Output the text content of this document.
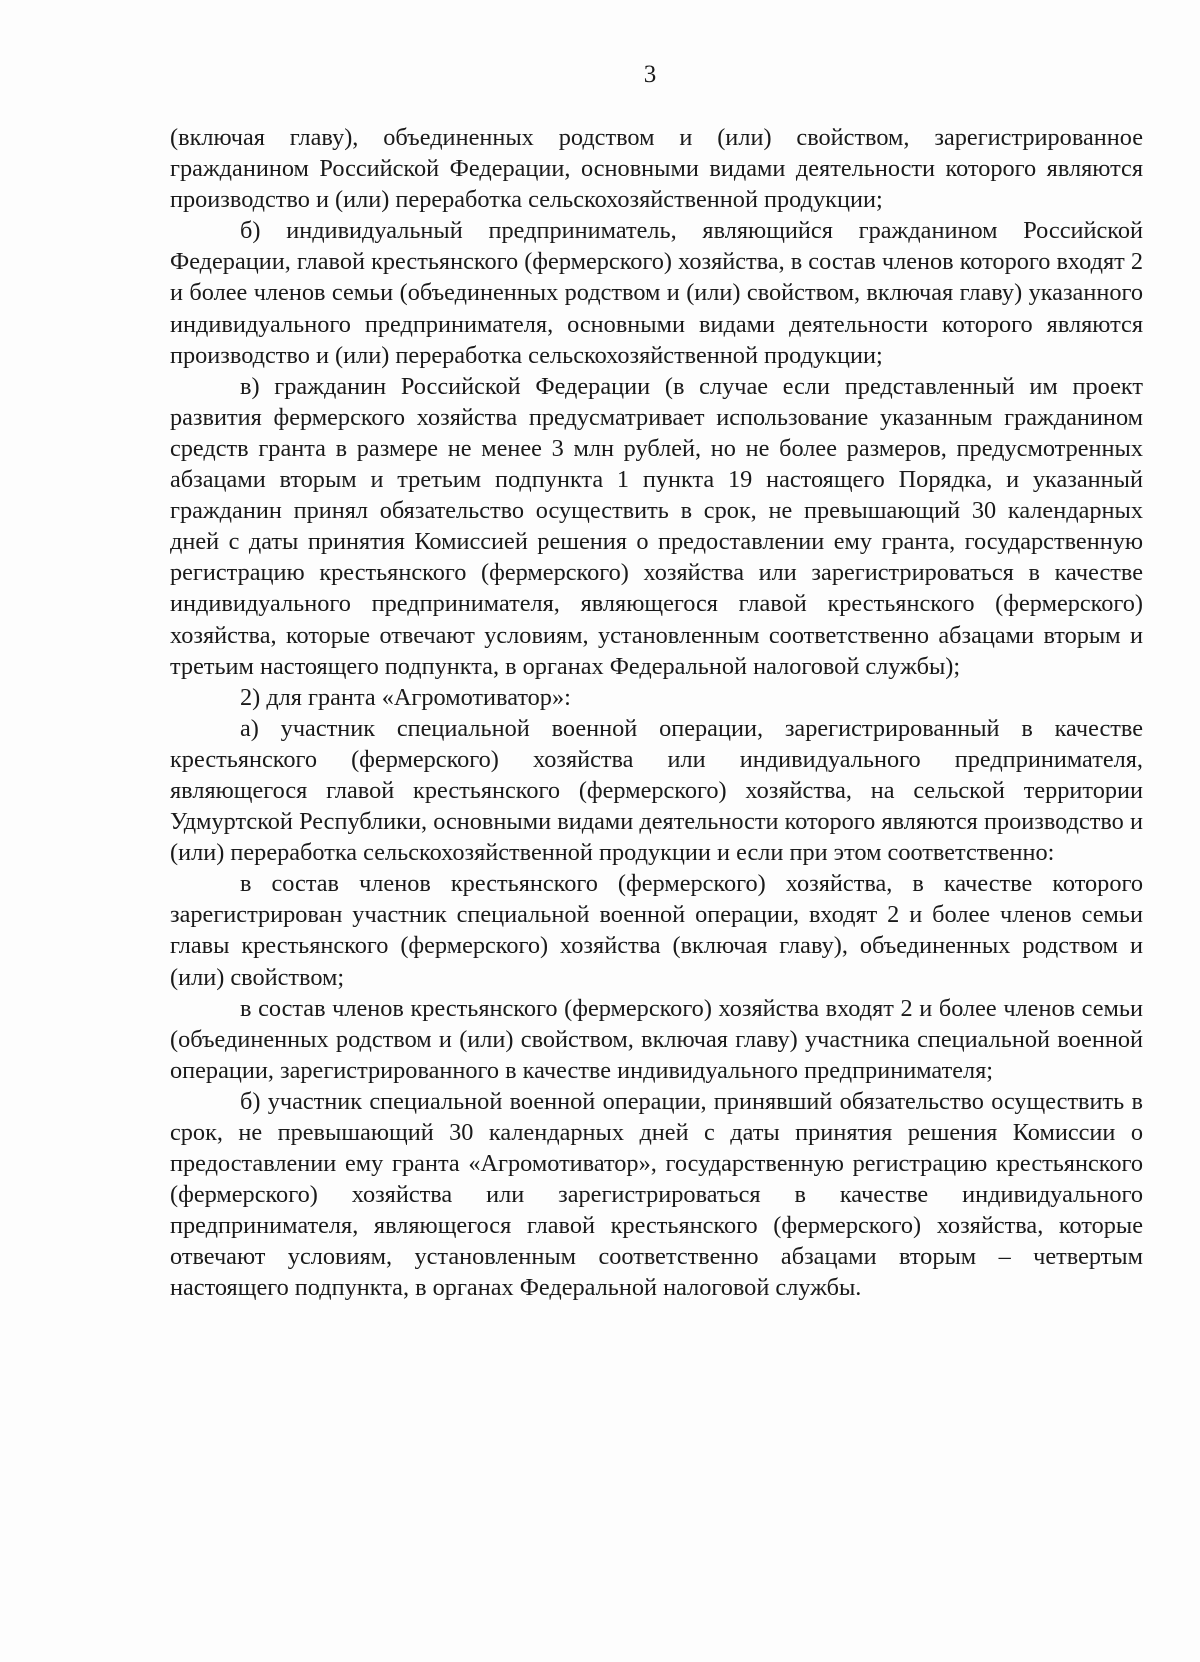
3

(включая главу), объединенных родством и (или) свойством, зарегистрированное гражданином Российской Федерации, основными видами деятельности которого являются производство и (или) переработка сельскохозяйственной продукции;

б) индивидуальный предприниматель, являющийся гражданином Российской Федерации, главой крестьянского (фермерского) хозяйства, в состав членов которого входят 2 и более членов семьи (объединенных родством и (или) свойством, включая главу) указанного индивидуального предпринимателя, основными видами деятельности которого являются производство и (или) переработка сельскохозяйственной продукции;

в) гражданин Российской Федерации (в случае если представленный им проект развития фермерского хозяйства предусматривает использование указанным гражданином средств гранта в размере не менее 3 млн рублей, но не более размеров, предусмотренных абзацами вторым и третьим подпункта 1 пункта 19 настоящего Порядка, и указанный гражданин принял обязательство осуществить в срок, не превышающий 30 календарных дней с даты принятия Комиссией решения о предоставлении ему гранта, государственную регистрацию крестьянского (фермерского) хозяйства или зарегистрироваться в качестве индивидуального предпринимателя, являющегося главой крестьянского (фермерского) хозяйства, которые отвечают условиям, установленным соответственно абзацами вторым и третьим настоящего подпункта, в органах Федеральной налоговой службы);

2) для гранта «Агромотиватор»:

а) участник специальной военной операции, зарегистрированный в качестве крестьянского (фермерского) хозяйства или индивидуального предпринимателя, являющегося главой крестьянского (фермерского) хозяйства, на сельской территории Удмуртской Республики, основными видами деятельности которого являются производство и (или) переработка сельскохозяйственной продукции и если при этом соответственно:

в состав членов крестьянского (фермерского) хозяйства, в качестве которого зарегистрирован участник специальной военной операции, входят 2 и более членов семьи главы крестьянского (фермерского) хозяйства (включая главу), объединенных родством и (или) свойством;

в состав членов крестьянского (фермерского) хозяйства входят 2 и более членов семьи (объединенных родством и (или) свойством, включая главу) участника специальной военной операции, зарегистрированного в качестве индивидуального предпринимателя;

б) участник специальной военной операции, принявший обязательство осуществить в срок, не превышающий 30 календарных дней с даты принятия решения Комиссии о предоставлении ему гранта «Агромотиватор», государственную регистрацию крестьянского (фермерского) хозяйства или зарегистрироваться в качестве индивидуального предпринимателя, являющегося главой крестьянского (фермерского) хозяйства, которые отвечают условиям, установленным соответственно абзацами вторым – четвертым настоящего подпункта, в органах Федеральной налоговой службы.
